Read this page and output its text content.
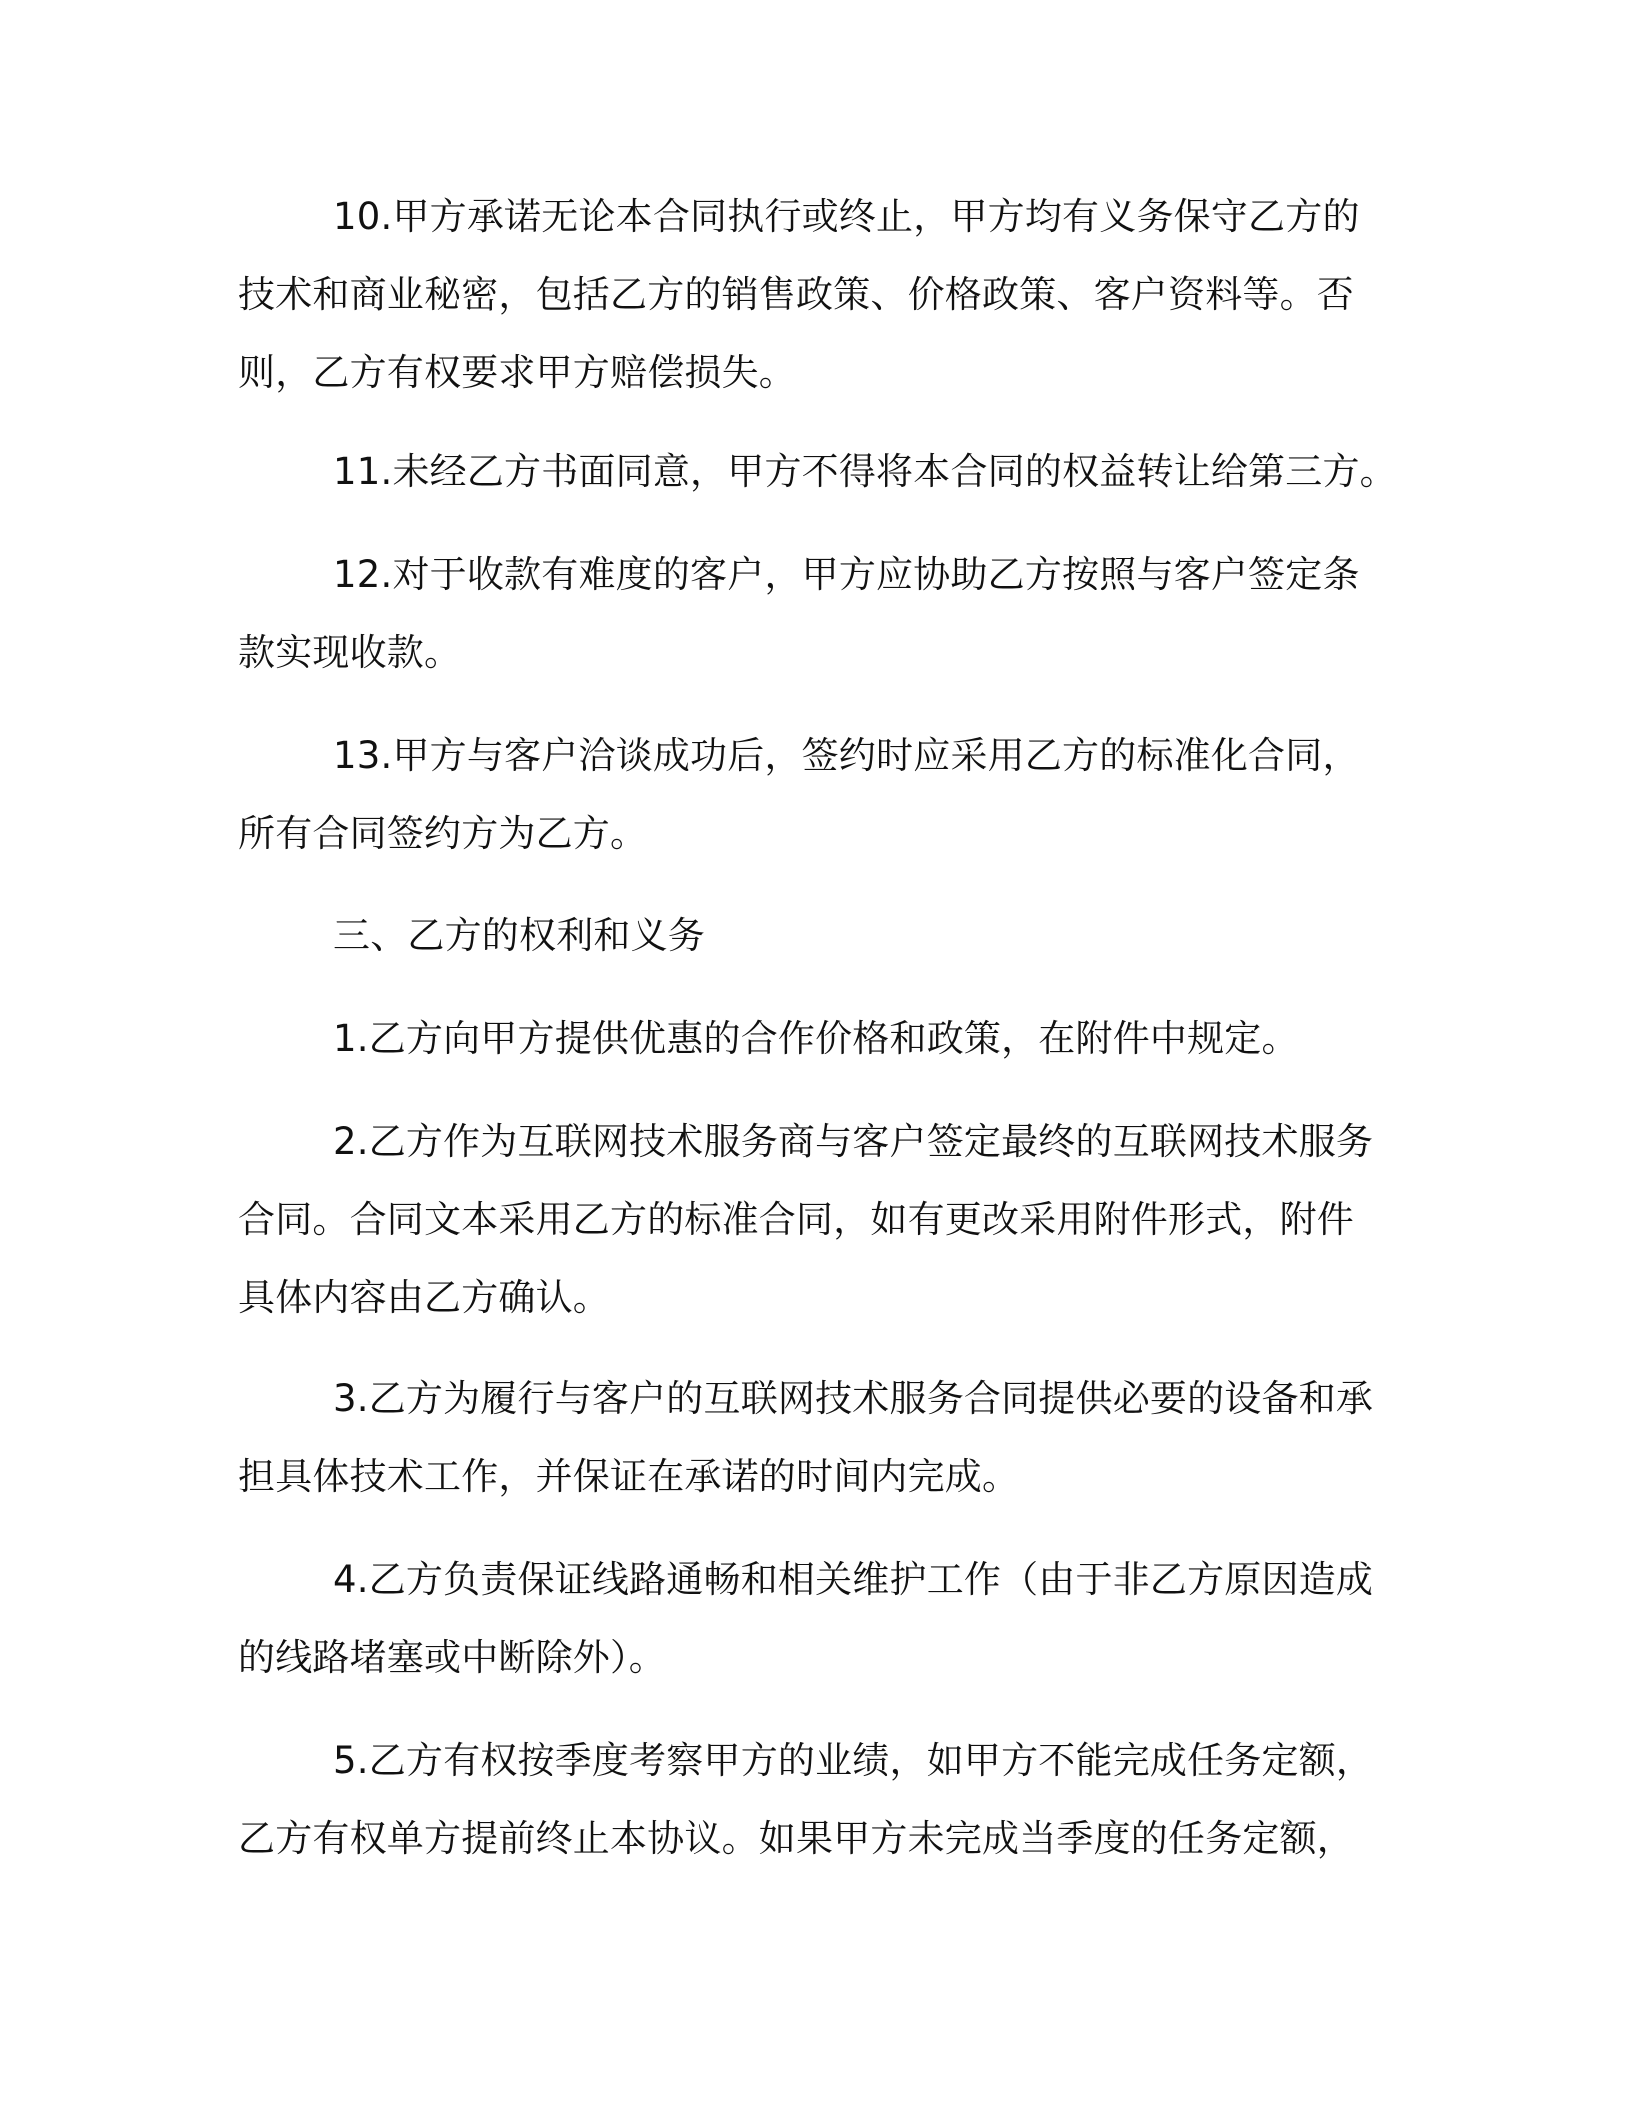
10.甲方承诺无论本合同执行或终止，甲方均有义务保守乙方的

技术和商业秘密，包括乙方的销售政策、价格政策、客户资料等。否

则，乙方有权要求甲方赔偿损失。

11.未经乙方书面同意，甲方不得将本合同的权益转让给第三方。

12.对于收款有难度的客户，甲方应协助乙方按照与客户签定条

款实现收款。

13.甲方与客户洽谈成功后，签约时应采用乙方的标准化合同，

所有合同签约方为乙方。

三、乙方的权利和义务

1.乙方向甲方提供优惠的合作价格和政策，在附件中规定。

2.乙方作为互联网技术服务商与客户签定最终的互联网技术服务

合同。合同文本采用乙方的标准合同，如有更改采用附件形式，附件

具体内容由乙方确认。

3.乙方为履行与客户的互联网技术服务合同提供必要的设备和承

担具体技术工作，并保证在承诺的时间内完成。

4.乙方负责保证线路通畅和相关维护工作（由于非乙方原因造成

的线路堵塞或中断除外）。

5.乙方有权按季度考察甲方的业绩，如甲方不能完成任务定额，

乙方有权单方提前终止本协议。如果甲方未完成当季度的任务定额，
